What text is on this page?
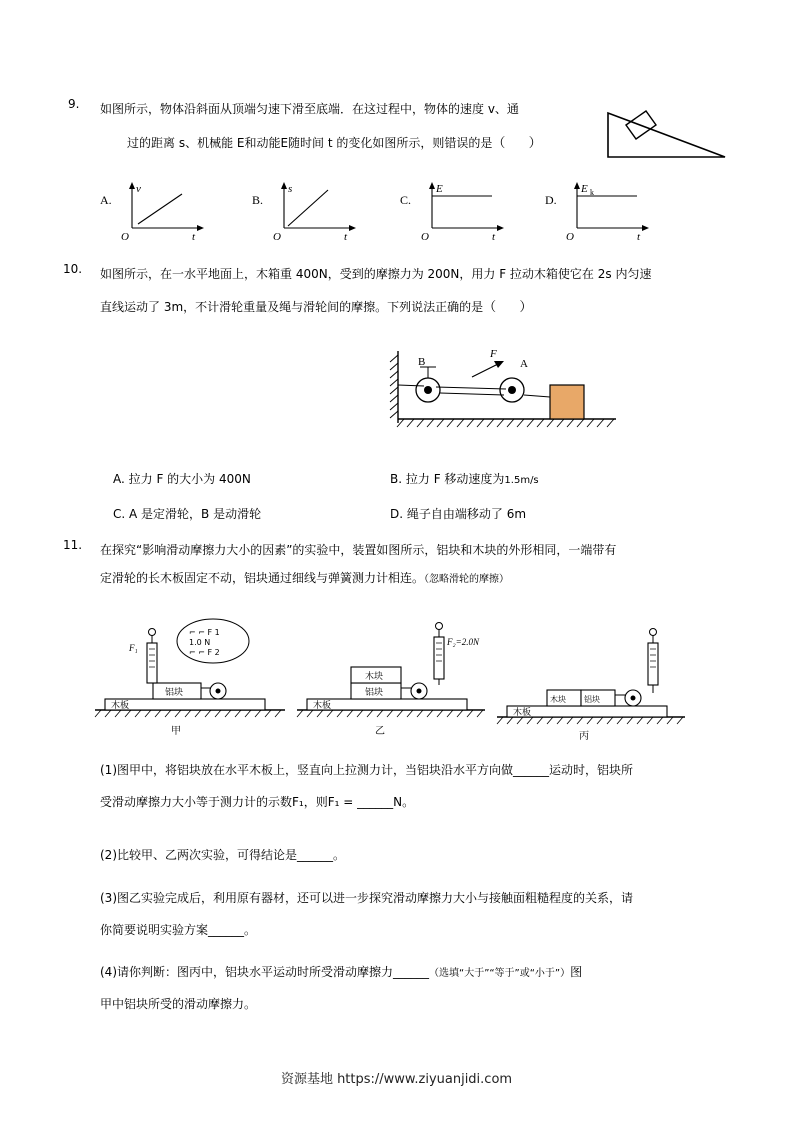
9. 如图所示，物体沿斜面从顶端匀速下滑至底端．在这过程中，物体的速度 v、通
过的距离 s、机械能 E和动能E随时间 t 的变化如图所示，则错误的是（ ）
A.
v
t
O
B.
s
t
O
C.
E
t
O
D.
E k
t
O
10. 如图所示，在一水平地面上，木箱重 400N，受到的摩擦力为 200N，用力 F 拉动木箱使它在 2s 内匀速
直线运动了 3m，不计滑轮重量及绳与滑轮间的摩擦。下列说法正确的是（ ）
F
B	A
A. 拉力 F 的大小为 400N	B. 拉力 F 移动速度为1.5m/s
C. A 是定滑轮，B 是动滑轮	D. 绳子自由端移动了 6m
11. 在探究“影响滑动摩擦力大小的因素”的实验中，装置如图所示，铝块和木块的外形相同，一端带有
定滑轮的长木板固定不动，铝块通过细线与弹簧测力计相连。（忽略滑轮的摩擦）
木板
铝块
F₁
⌐ ⌐ F 1
1.0 N
⌐ ⌐ F 2
甲
木板
铝块
木块
F₂=2.0N
乙
木板
木块 铝块
丙
(1)图甲中，将铝块放在水平木板上，竖直向上拉测力计，当铝块沿水平方向做______运动时，铝块所
受滑动摩擦力大小等于测力计的示数F₁，则F₁ = ______N。
(2)比较甲、乙两次实验，可得结论是______。
(3)图乙实验完成后，利用原有器材，还可以进一步探究滑动摩擦力大小与接触面粗糙程度的关系，请
你简要说明实验方案______。
(4)请你判断：图丙中，铝块水平运动时所受滑动摩擦力______（选填“大于”“等于”或“小于”）图
甲中铝块所受的滑动摩擦力。
资源基地 https://www.ziyuanjidi.com
